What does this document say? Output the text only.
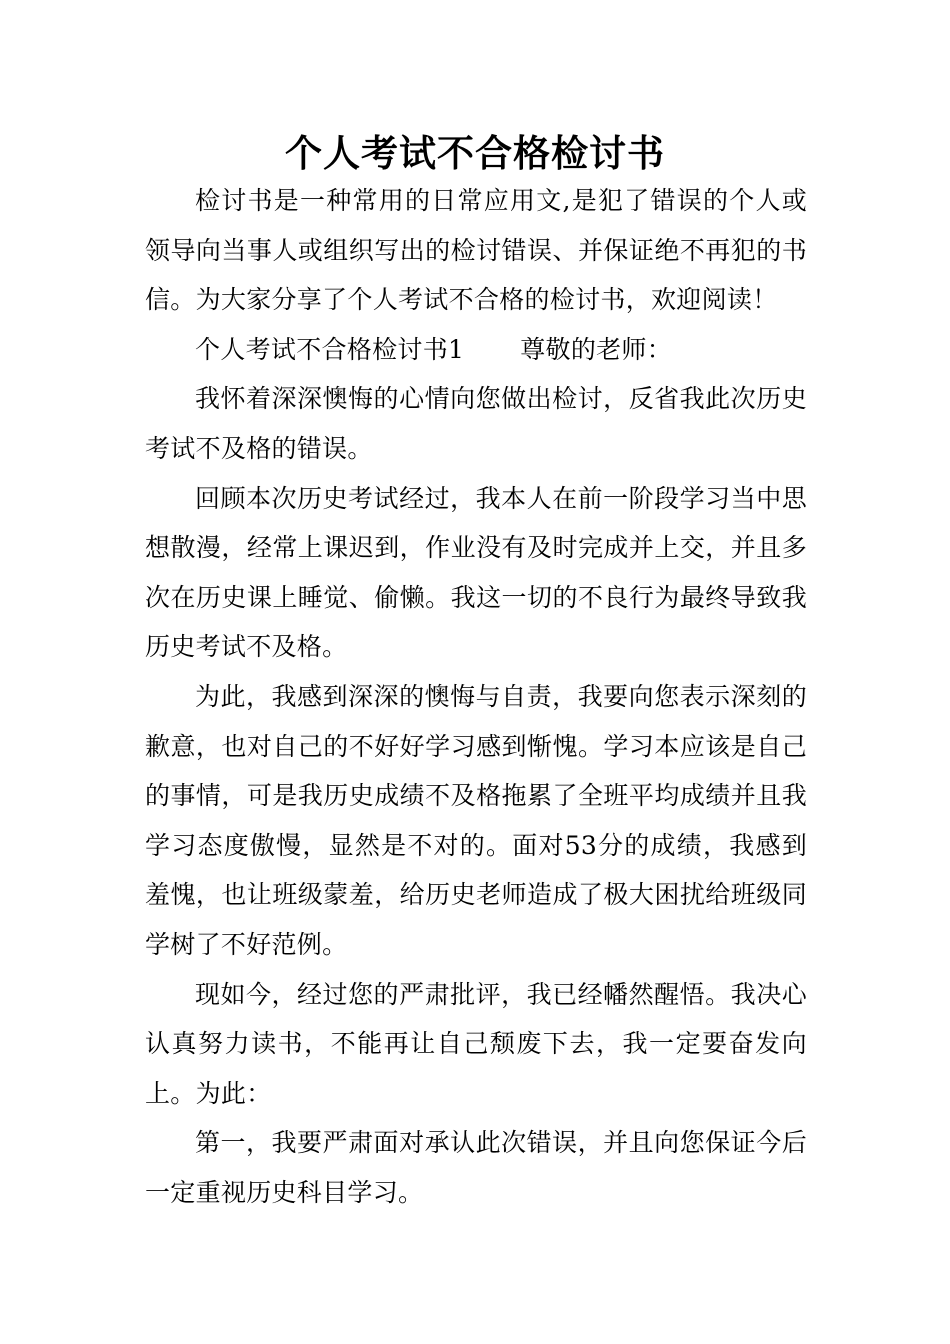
个人考试不合格检讨书

检讨书是一种常用的日常应用文,是犯了错误的个人或领导向当事人或组织写出的检讨错误、并保证绝不再犯的书信。为大家分享了个人考试不合格的检讨书，欢迎阅读！

个人考试不合格检讨书1 尊敬的老师：

我怀着深深懊悔的心情向您做出检讨，反省我此次历史考试不及格的错误。

回顾本次历史考试经过，我本人在前一阶段学习当中思想散漫，经常上课迟到，作业没有及时完成并上交，并且多次在历史课上睡觉、偷懒。我这一切的不良行为最终导致我历史考试不及格。

为此，我感到深深的懊悔与自责，我要向您表示深刻的歉意，也对自己的不好好学习感到惭愧。学习本应该是自己的事情，可是我历史成绩不及格拖累了全班平均成绩并且我学习态度傲慢，显然是不对的。面对53分的成绩，我感到羞愧，也让班级蒙羞，给历史老师造成了极大困扰给班级同学树了不好范例。

现如今，经过您的严肃批评，我已经幡然醒悟。我决心认真努力读书，不能再让自己颓废下去，我一定要奋发向上。为此：

第一，我要严肃面对承认此次错误，并且向您保证今后一定重视历史科目学习。
